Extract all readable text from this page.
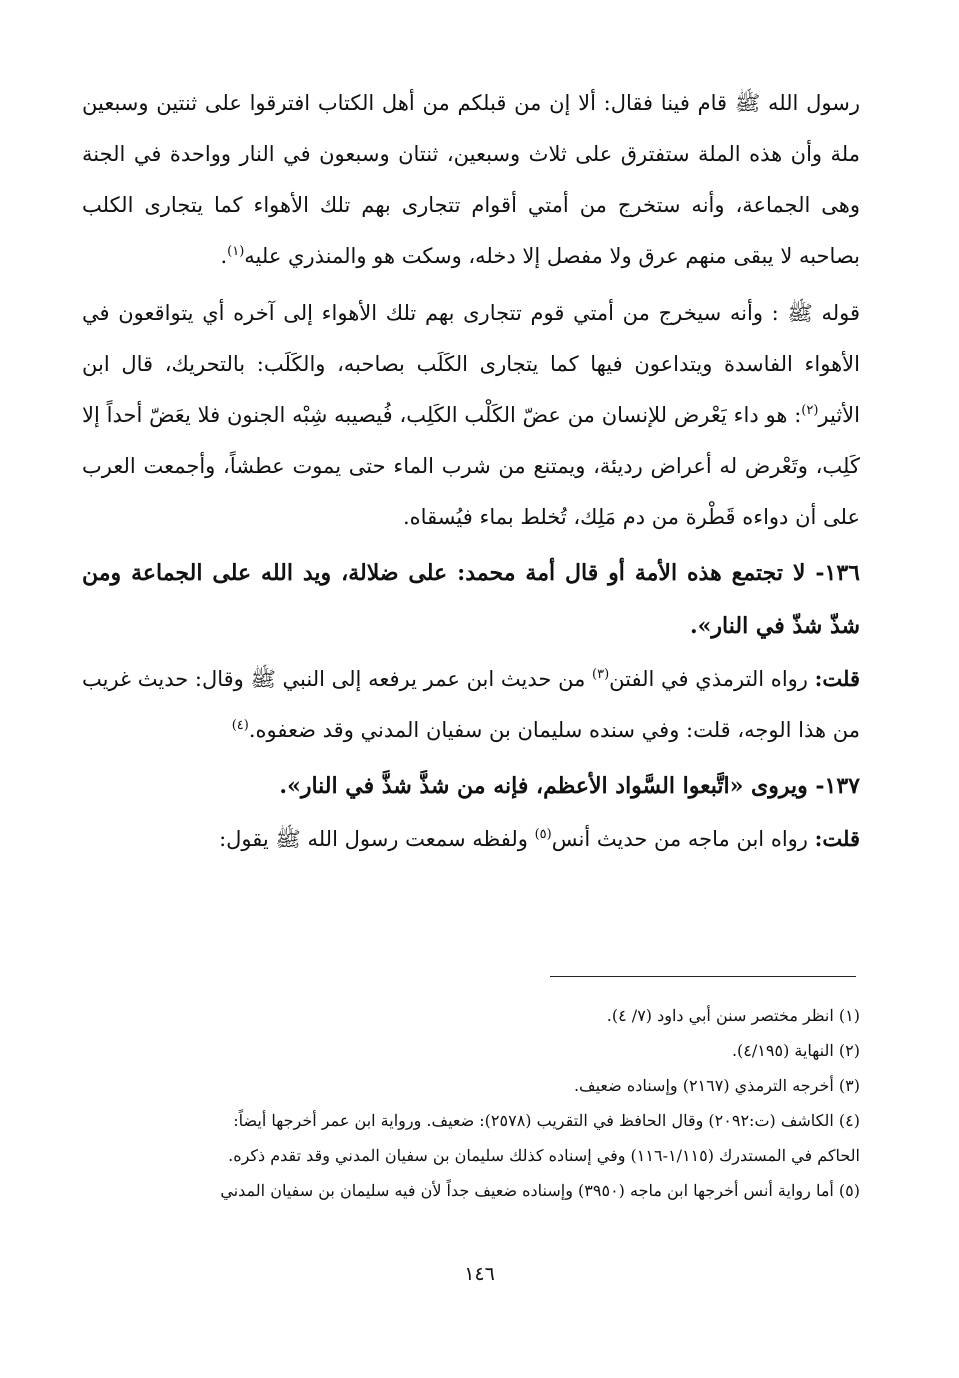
رسول الله ﷺ قام فينا فقال: ألا إن من قبلكم من أهل الكتاب افترقوا على ثنتين وسبعين ملة وأن هذه الملة ستفترق على ثلاث وسبعين، ثنتان وسبعون في النار وواحدة في الجنة وهى الجماعة، وأنه ستخرج من أمتي أقوام تتجارى بهم تلك الأهواء كما يتجارى الكلب بصاحبه لا يبقى منهم عرق ولا مفصل إلا دخله، وسكت هو والمنذري عليه$^{(١)}$.

قوله ﷺ : وأنه سيخرج من أمتي قوم تتجارى بهم تلك الأهواء إلى آخره أي يتواقعون في الأهواء الفاسدة ويتداعون فيها كما يتجارى الكَلَب بصاحبه، والكَلَب: بالتحريك، قال ابن الأثير$^{(٢)}$: هو داء يَعْرض للإنسان من عضّ الكَلْب الكَلِب، فُيصيبه شِبْه الجنون فلا يعَضّ أحداً إلا كَلِب، وتَعْرض له أعراض رديئة، ويمتنع من شرب الماء حتى يموت عطشاً، وأجمعت العرب على أن دواءه قَطْرة من دم مَلِك، تُخلط بماء فيُسقاه.

١٣٦- لا تجتمع هذه الأمة أو قال أمة محمد: على ضلالة، ويد الله على الجماعة ومن شذّ شذّ في النار».

قلت: رواه الترمذي في الفتن$^{(٣)}$ من حديث ابن عمر يرفعه إلى النبي ﷺ وقال: حديث غريب من هذا الوجه، قلت: وفي سنده سليمان بن سفيان المدني وقد ضعفوه.$^{(٤)}$

١٣٧- ويروى «اتَّبعوا السَّواد الأعظم، فإنه من شذَّ شذَّ في النار».

قلت: رواه ابن ماجه من حديث أنس$^{(٥)}$ ولفظه سمعت رسول الله ﷺ يقول:

(١) انظر مختصر سنن أبي داود (٧/ ٤).

(٢) النهاية (٤/١٩٥).

(٣) أخرجه الترمذي (٢١٦٧) وإسناده ضعيف.

(٤) الكاشف (ت:٢٠٩٢) وقال الحافظ في التقريب (٢٥٧٨): ضعيف. ورواية ابن عمر أخرجها أيضاً:

الحاكم في المستدرك (١/١١٥-١١٦) وفي إسناده كذلك سليمان بن سفيان المدني وقد تقدم ذكره.

(٥) أما رواية أنس أخرجها ابن ماجه (٣٩٥٠) وإسناده ضعيف جداً لأن فيه سليمان بن سفيان المدني

١٤٦
